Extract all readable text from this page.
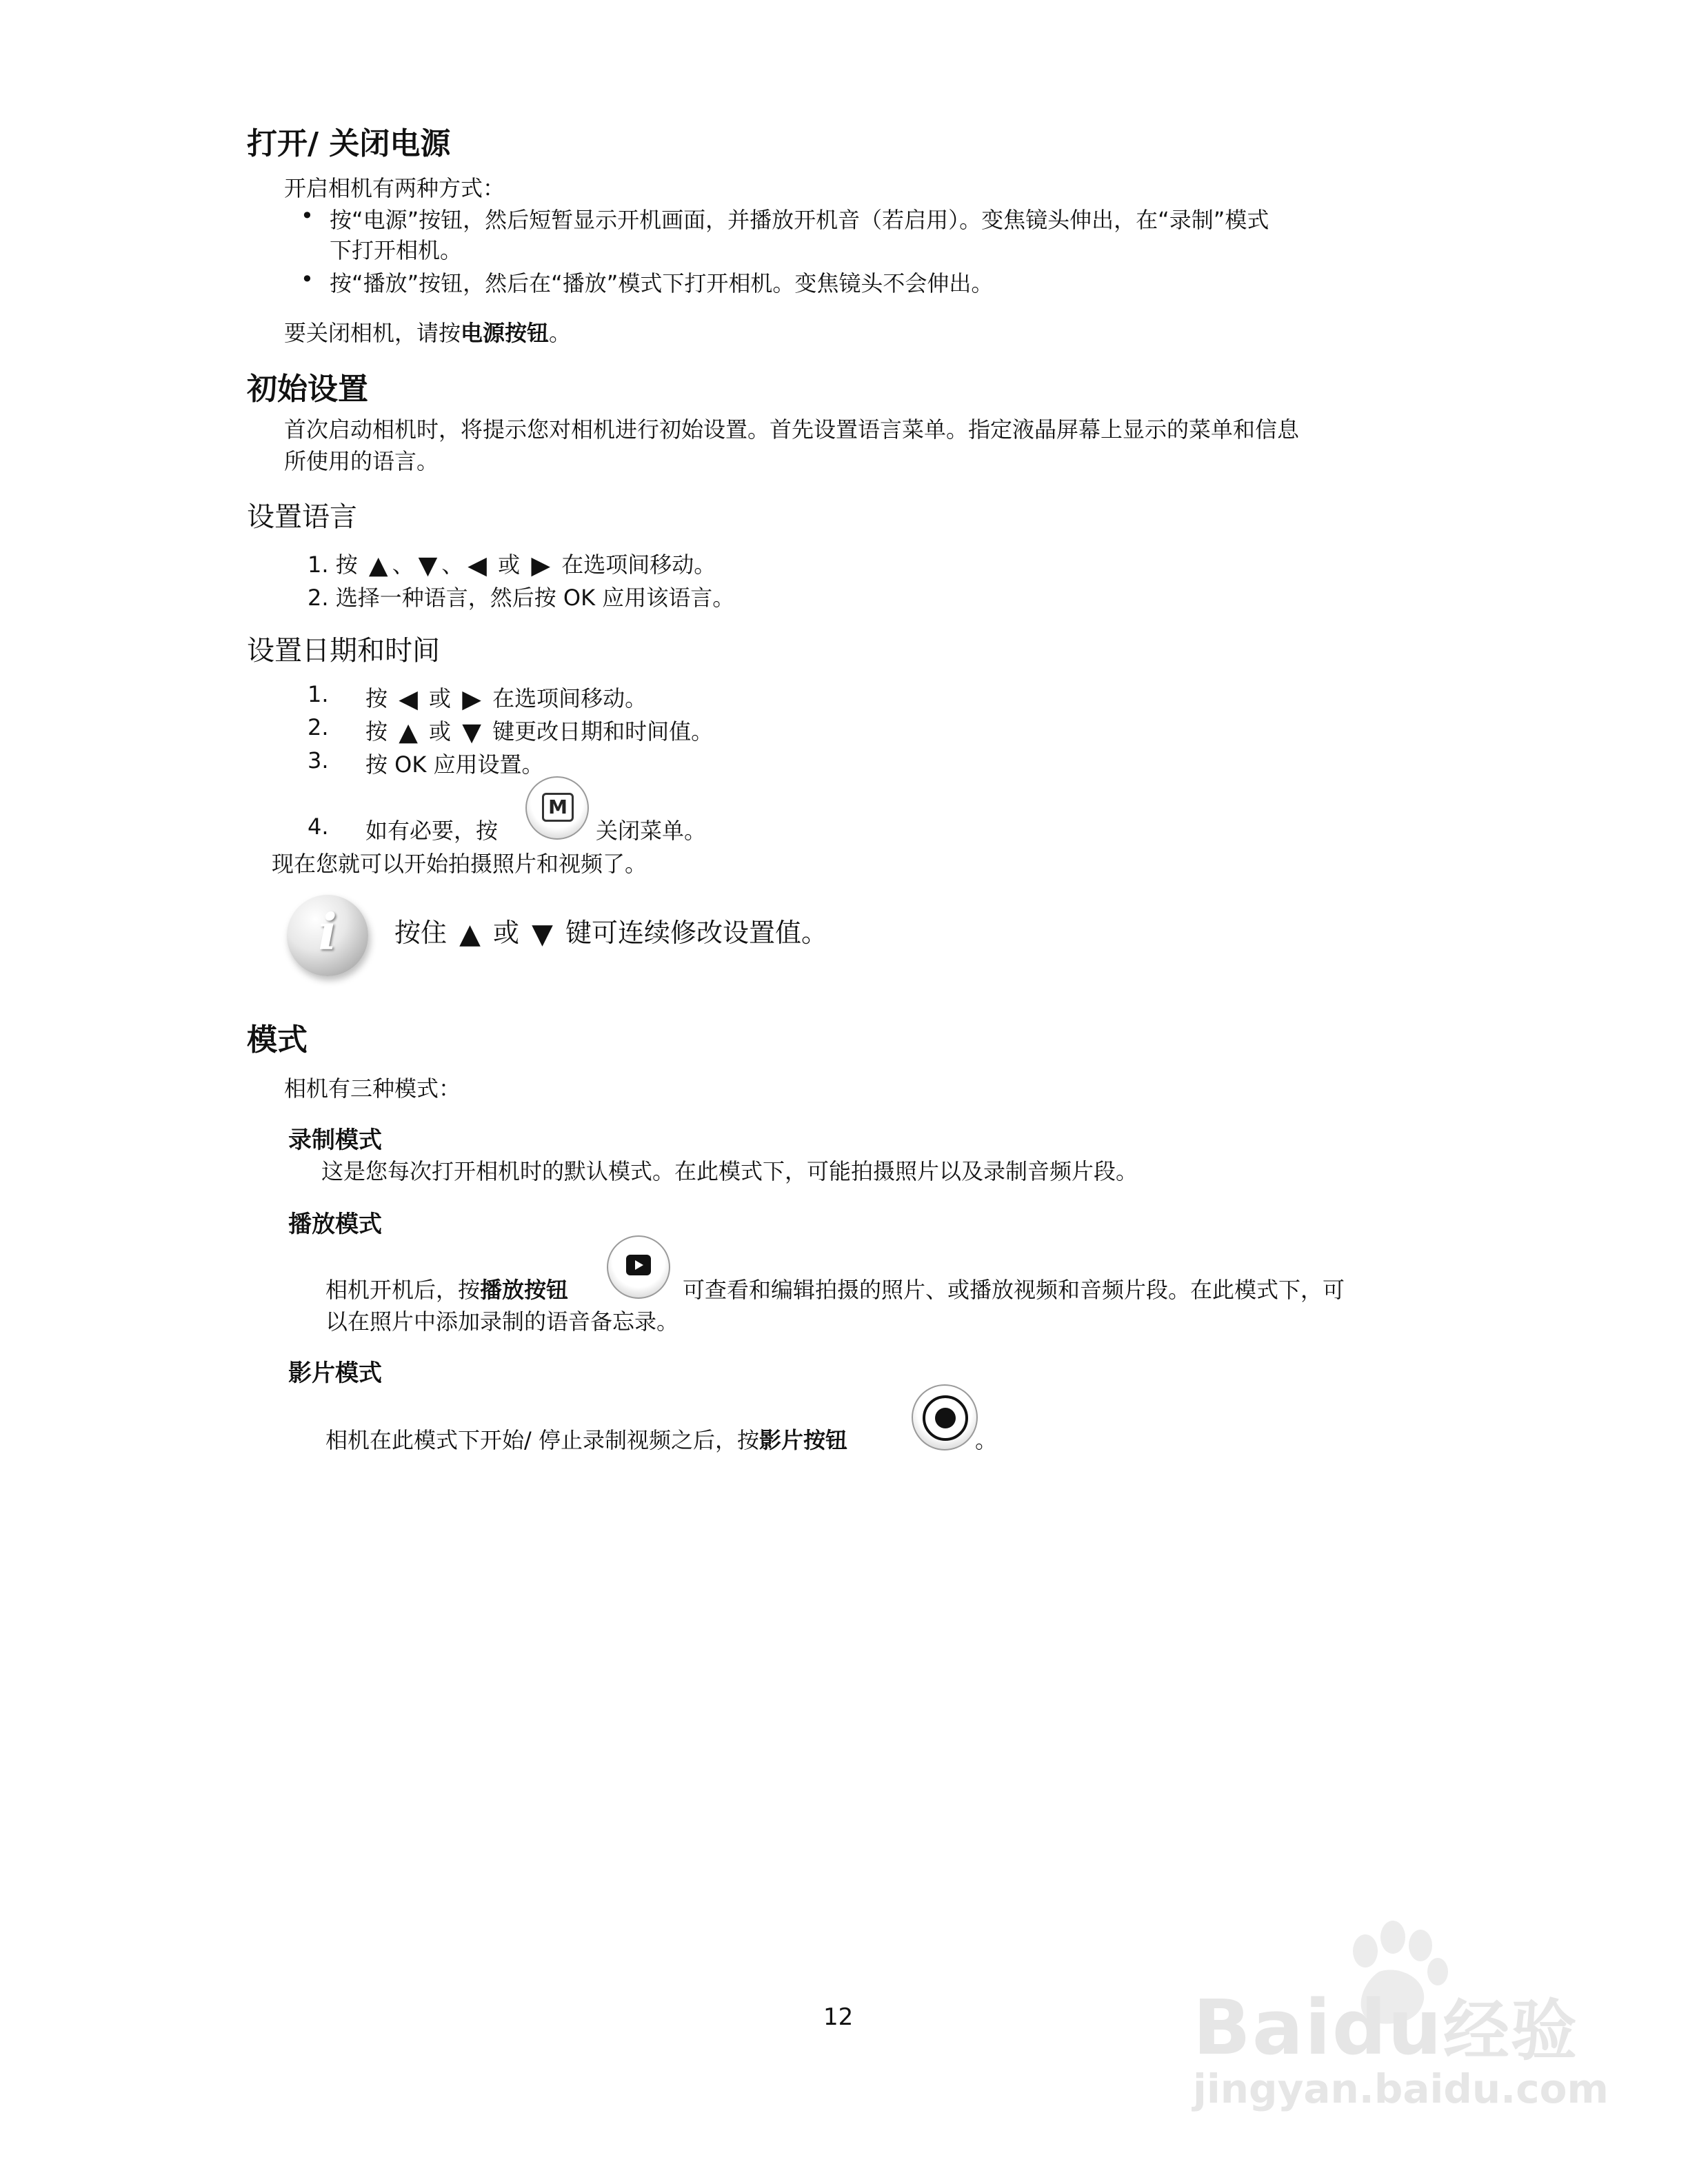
打开/ 关闭电源
开启相机有两种方式：
• 按“电源”按钮，然后短暂显示开机画面，并播放开机音（若启用）。变焦镜头伸出，在“录制”模式
下打开相机。
• 按“播放”按钮，然后在“播放”模式下打开相机。变焦镜头不会伸出。
要关闭相机，请按电源按钮。
初始设置
首次启动相机时，将提示您对相机进行初始设置。首先设置语言菜单。指定液晶屏幕上显示的菜单和信息
所使用的语言。
设置语言
1. 按 ▲ 、 ▼ 、 ◀ 或 ▶ 在选项间移动。
2. 选择一种语言，然后按 OK 应用该语言。
设置日期和时间
1. 按 ◀ 或 ▶ 在选项间移动。
2. 按 ▲ 或 ▼ 键更改日期和时间值。
3. 按 OK 应用设置。
4. 如有必要，按
M
关闭菜单。
现在您就可以开始拍摄照片和视频了。
i	按住 ▲ 或 ▼ 键可连续修改设置值。
模式
相机有三种模式：
录制模式
这是您每次打开相机时的默认模式。在此模式下，可能拍摄照片以及录制音频片段。
播放模式
相机开机后，按播放按钮	可查看和编辑拍摄的照片、或播放视频和音频片段。在此模式下，可
以在照片中添加录制的语音备忘录。
影片模式
相机在此模式下开始/ 停止录制视频之后，按影片按钮	。
12	Baidu经验
jingyan.baidu.com
